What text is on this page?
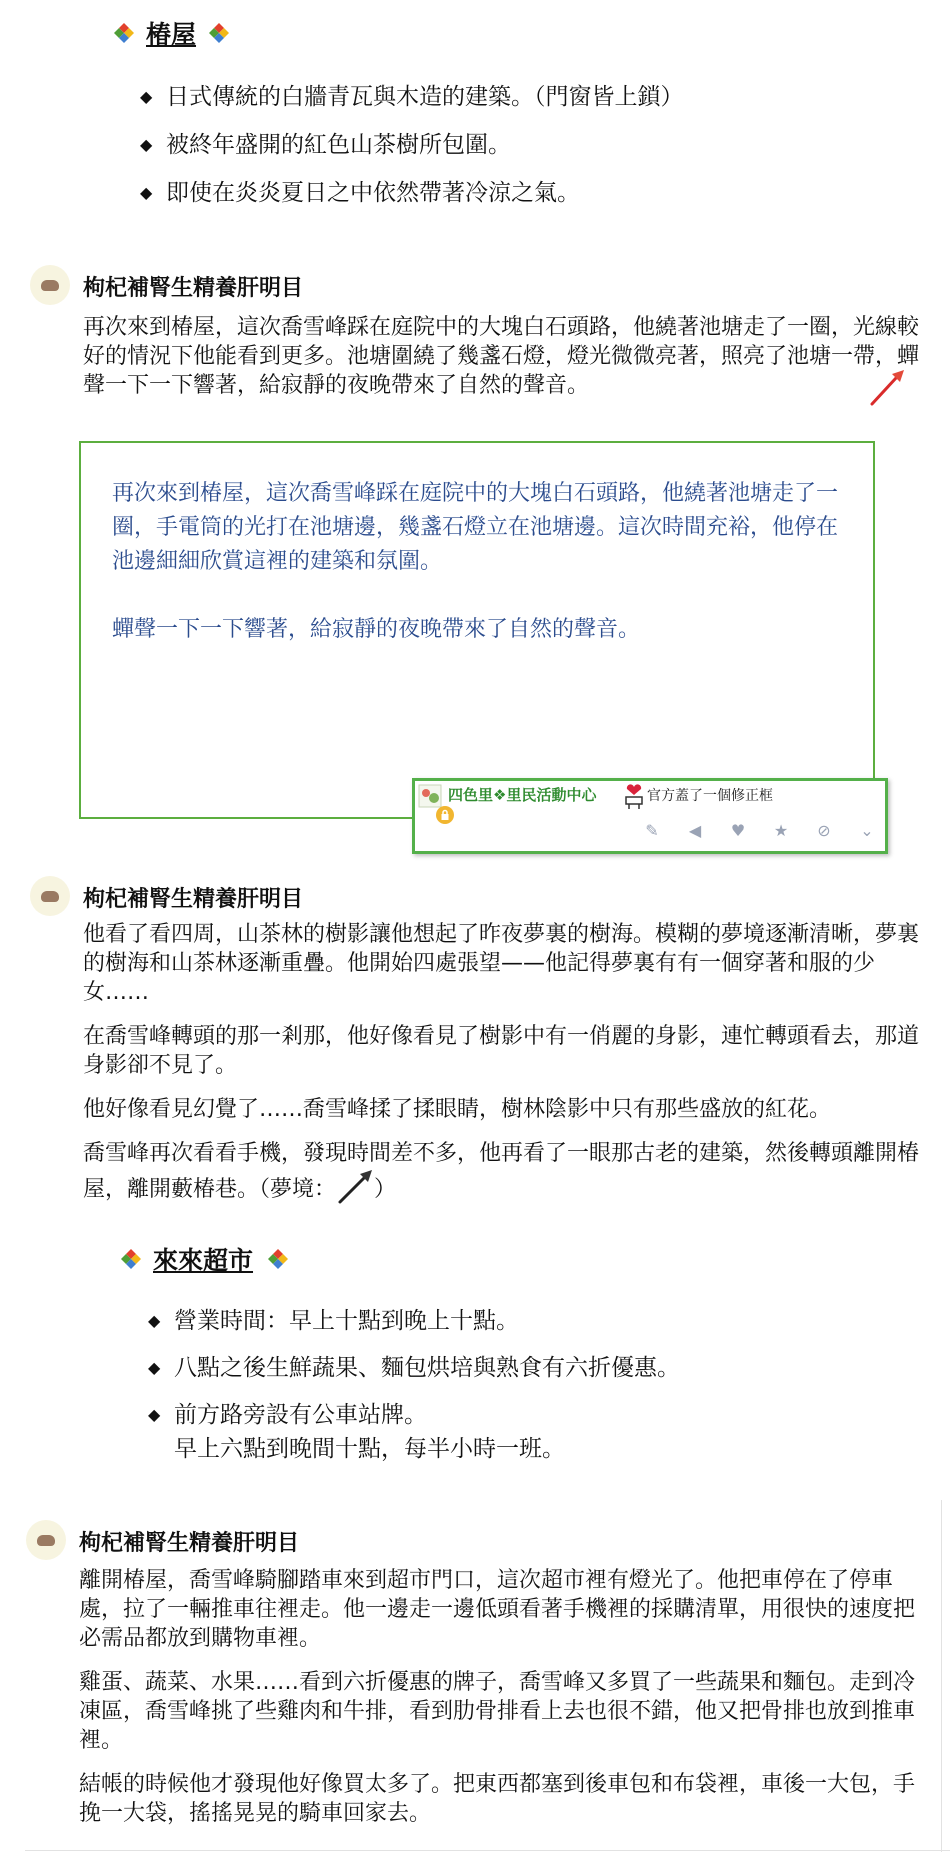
椿屋
◆ 日式傳統的白牆青瓦與木造的建築。（門窗皆上鎖）
◆ 被終年盛開的紅色山茶樹所包圍。
◆ 即使在炎炎夏日之中依然帶著冷涼之氣。
枸杞補腎生精養肝明目

再次來到椿屋，這次喬雪峰踩在庭院中的大塊白石頭路，他繞著池塘走了一圈，光線較好的情況下他能看到更多。池塘圍繞了幾盞石燈，燈光微微亮著，照亮了池塘一帶，蟬聲一下一下響著，給寂靜的夜晚帶來了自然的聲音。

再次來到椿屋，這次喬雪峰踩在庭院中的大塊白石頭路，他繞著池塘走了一圈，手電筒的光打在池塘邊，幾盞石燈立在池塘邊。這次時間充裕，他停在池邊細細欣賞這裡的建築和氛圍。

蟬聲一下一下響著，給寂靜的夜晚帶來了自然的聲音。

四色里❖里民活動中心	官方蓋了一個修正框
✎ ◀ ♥ ★ ⊘ ⌄
枸杞補腎生精養肝明目

他看了看四周，山茶林的樹影讓他想起了昨夜夢裏的樹海。模糊的夢境逐漸清晰，夢裏的樹海和山茶林逐漸重疊。他開始四處張望——他記得夢裏有有一個穿著和服的少女……

在喬雪峰轉頭的那一剎那，他好像看見了樹影中有一俏麗的身影，連忙轉頭看去，那道身影卻不見了。

他好像看見幻覺了……喬雪峰揉了揉眼睛，樹林陰影中只有那些盛放的紅花。

喬雪峰再次看看手機，發現時間差不多，他再看了一眼那古老的建築，然後轉頭離開椿屋，離開藪椿巷。（夢境： ）

來來超市
◆ 營業時間：早上十點到晚上十點。
◆ 八點之後生鮮蔬果、麵包烘培與熟食有六折優惠。
◆ 前方路旁設有公車站牌。
早上六點到晚間十點，每半小時一班。
枸杞補腎生精養肝明目

離開椿屋，喬雪峰騎腳踏車來到超市門口，這次超市裡有燈光了。他把車停在了停車處，拉了一輛推車往裡走。他一邊走一邊低頭看著手機裡的採購清單，用很快的速度把必需品都放到購物車裡。

雞蛋、蔬菜、水果……看到六折優惠的牌子，喬雪峰又多買了一些蔬果和麵包。走到冷凍區，喬雪峰挑了些雞肉和牛排，看到肋骨排看上去也很不錯，他又把骨排也放到推車裡。

結帳的時候他才發現他好像買太多了。把東西都塞到後車包和布袋裡，車後一大包，手挽一大袋，搖搖晃晃的騎車回家去。
